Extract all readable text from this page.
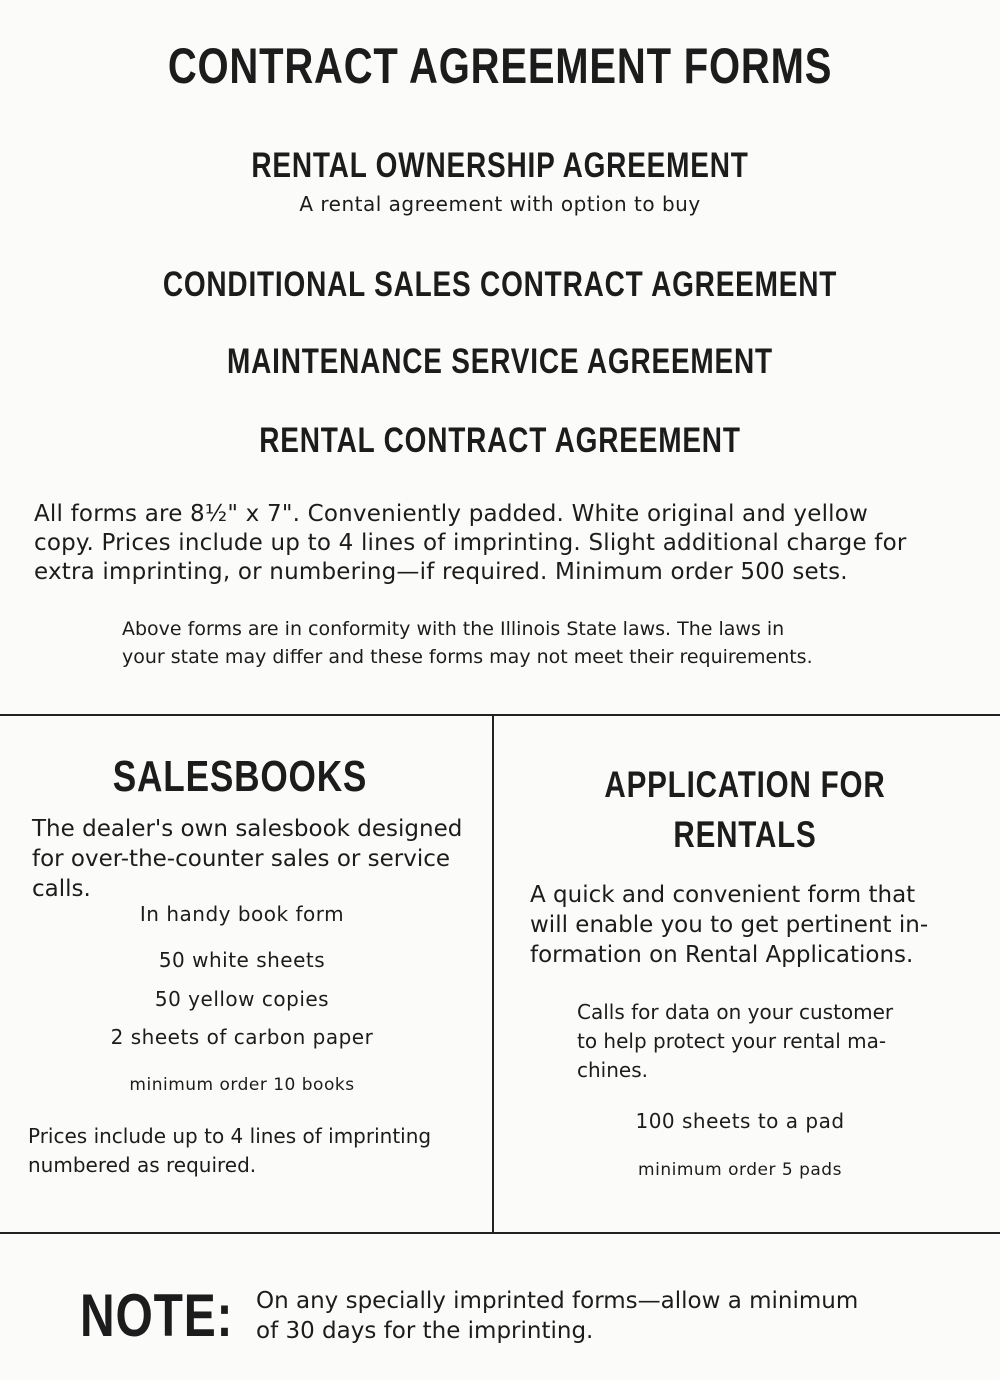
CONTRACT AGREEMENT FORMS
RENTAL OWNERSHIP AGREEMENT
A rental agreement with option to buy
CONDITIONAL SALES CONTRACT AGREEMENT
MAINTENANCE SERVICE AGREEMENT
RENTAL CONTRACT AGREEMENT
All forms are 8½" x 7". Conveniently padded. White original and yellow
copy. Prices include up to 4 lines of imprinting. Slight additional charge for
extra imprinting, or numbering—if required. Minimum order 500 sets.
Above forms are in conformity with the Illinois State laws. The laws in
your state may differ and these forms may not meet their requirements.
SALESBOOKS
The dealer's own salesbook designed
for over-the-counter sales or service
calls.
In handy book form
50 white sheets
50 yellow copies
2 sheets of carbon paper
minimum order 10 books
Prices include up to 4 lines of imprinting
numbered as required.
APPLICATION FOR
RENTALS
A quick and convenient form that
will enable you to get pertinent in-
formation on Rental Applications.
Calls for data on your customer
to help protect your rental ma-
chines.
100 sheets to a pad
minimum order 5 pads
NOTE: On any specially imprinted forms—allow a minimum
of 30 days for the imprinting.
